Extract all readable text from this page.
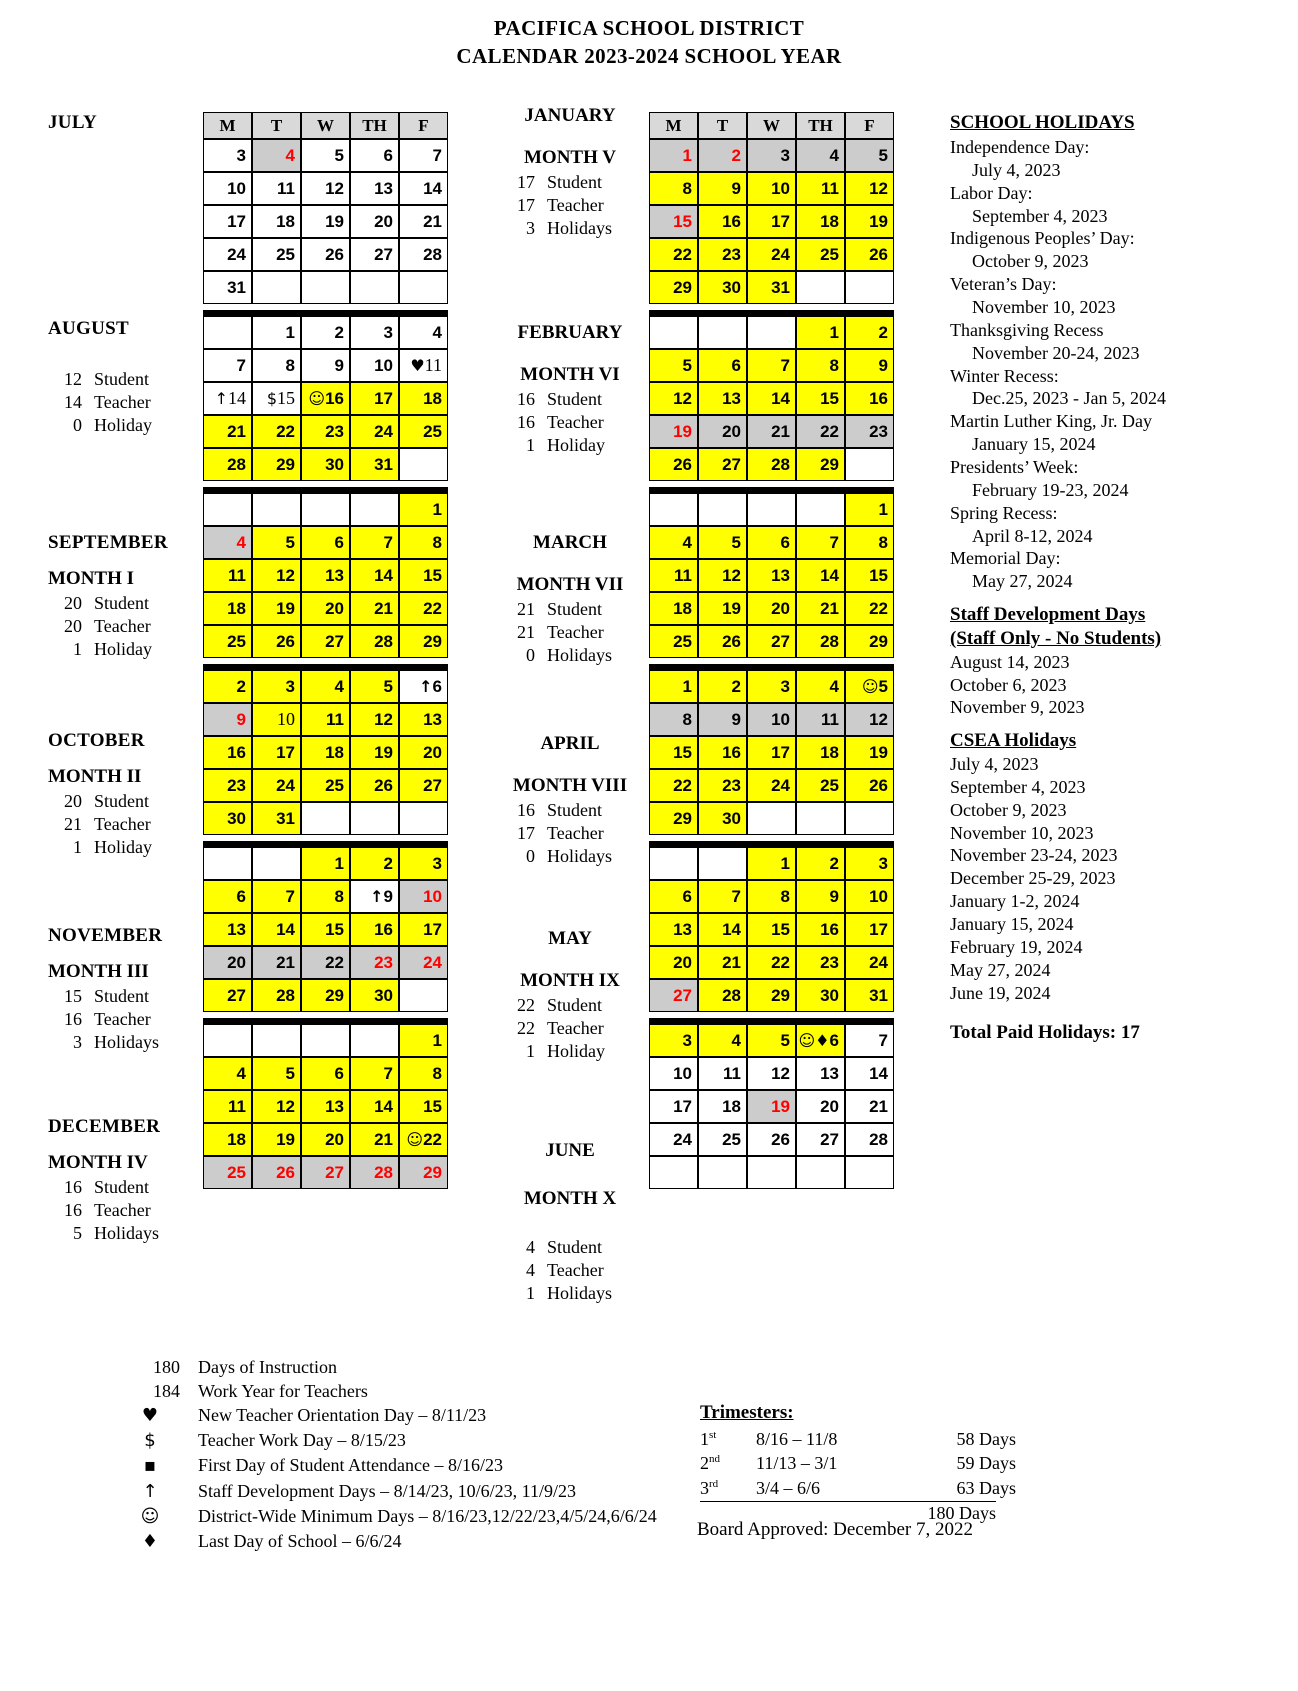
PACIFICA SCHOOL DISTRICT
CALENDAR 2023-2024 SCHOOL YEAR
JULY
AUGUST
12 Student
14 Teacher
0 Holiday
SEPTEMBER
MONTH I
20 Student
20 Teacher
1 Holiday
OCTOBER
MONTH II
20 Student
21 Teacher
1 Holiday
NOVEMBER
MONTH III
15 Student
16 Teacher
3 Holidays
DECEMBER
MONTH IV
16 Student
16 Teacher
5 Holidays
M	T	W	TH	F
3	4	5	6	7
10	11	12	13	14
17	18	19	20	21
24	25	26	27	28
31				
	1	2	3	4
7	8	9	10	♥11
↑14	$15	☺16	17	18
21	22	23	24	25
28	29	30	31	
				1
4	5	6	7	8
11	12	13	14	15
18	19	20	21	22
25	26	27	28	29
2	3	4	5	↑6
9	10	11	12	13
16	17	18	19	20
23	24	25	26	27
30	31			
		1	2	3
6	7	8	↑9	10
13	14	15	16	17
20	21	22	23	24
27	28	29	30	
				1
4	5	6	7	8
11	12	13	14	15
18	19	20	21	☺22
25	26	27	28	29
JANUARY
MONTH V
17 Student
17 Teacher
3 Holidays
FEBRUARY
MONTH VI
16 Student
16 Teacher
1 Holiday
MARCH
MONTH VII
21 Student
21 Teacher
0 Holidays
APRIL
MONTH VIII
16 Student
17 Teacher
0 Holidays
MAY
MONTH IX
22 Student
22 Teacher
1 Holiday
JUNE
MONTH X
4 Student
4 Teacher
1 Holidays
M	T	W	TH	F
1	2	3	4	5
8	9	10	11	12
15	16	17	18	19
22	23	24	25	26
29	30	31		
			1	2
5	6	7	8	9
12	13	14	15	16
19	20	21	22	23
26	27	28	29	
				1
4	5	6	7	8
11	12	13	14	15
18	19	20	21	22
25	26	27	28	29
1	2	3	4	☺5
8	9	10	11	12
15	16	17	18	19
22	23	24	25	26
29	30			
		1	2	3
6	7	8	9	10
13	14	15	16	17
20	21	22	23	24
27	28	29	30	31
3	4	5	☺♦6	7
10	11	12	13	14
17	18	19	20	21
24	25	26	27	28

SCHOOL HOLIDAYS
Independence Day:
July 4, 2023
Labor Day:
September 4, 2023
Indigenous Peoples’ Day:
October 9, 2023
Veteran’s Day:
November 10, 2023
Thanksgiving Recess
November 20-24, 2023
Winter Recess:
Dec.25, 2023 - Jan 5, 2024
Martin Luther King, Jr. Day
January 15, 2024
Presidents’ Week:
February 19-23, 2024
Spring Recess:
April 8-12, 2024
Memorial Day:
May 27, 2024
Staff Development Days
(Staff Only - No Students)
August 14, 2023
October 6, 2023
November 9, 2023
CSEA Holidays
July 4, 2023
September 4, 2023
October 9, 2023
November 10, 2023
November 23-24, 2023
December 25-29, 2023
January 1-2, 2024
January 15, 2024
February 19, 2024
May 27, 2024
June 19, 2024
Total Paid Holidays: 17
180 Days of Instruction
184 Work Year for Teachers
♥ New Teacher Orientation Day – 8/11/23
$ Teacher Work Day – 8/15/23
▪ First Day of Student Attendance – 8/16/23
↑ Staff Development Days – 8/14/23, 10/6/23, 11/9/23
☺ District-Wide Minimum Days – 8/16/23,12/22/23,4/5/24,6/6/24
♦ Last Day of School – 6/6/24
Trimesters:
1st 8/16 – 11/8	58 Days
2nd 11/13 – 3/1	59 Days
3rd 3/4 – 6/6	63 Days
180 Days
Board Approved: December 7, 2022
